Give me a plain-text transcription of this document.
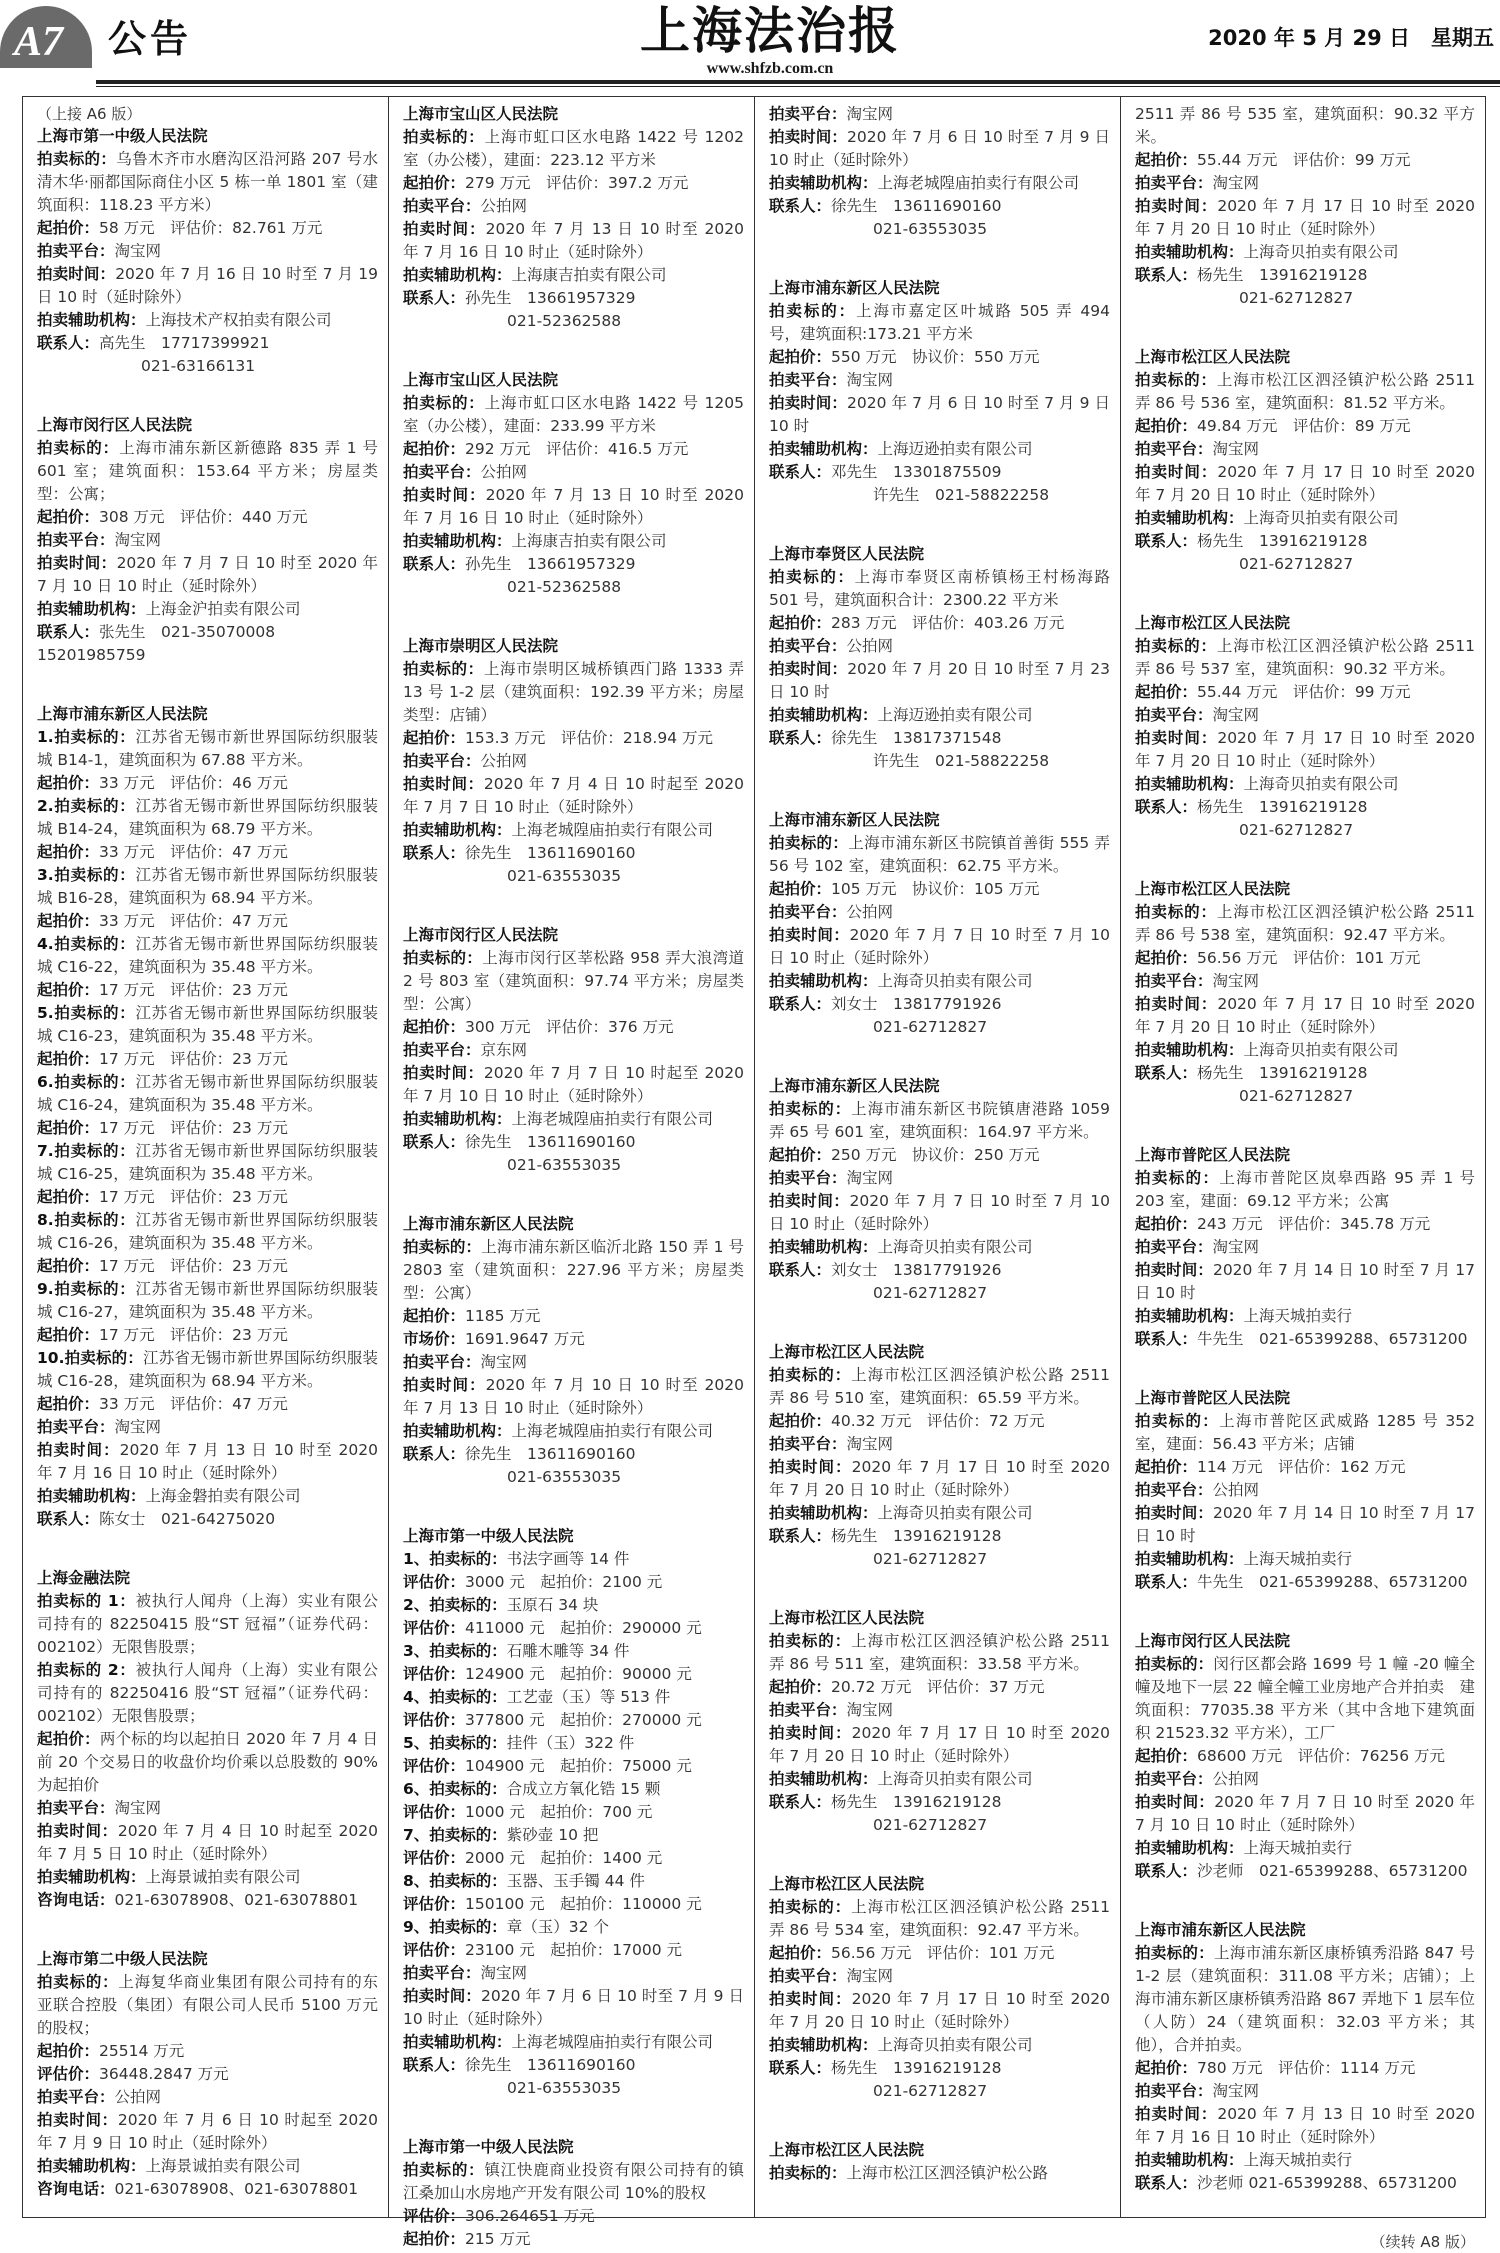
A7 公告	上海法治报
www.shfzb.com.cn
2020 年 5 月 29 日　星期五
（上接 A6 版）
上海市第一中级人民法院
拍卖标的：乌鲁木齐市水磨沟区沿河路 207 号水清木华·丽都国际商住小区 5 栋一单 1801 室（建筑面积：118.23 平方米）
起拍价：58 万元　评估价：82.761 万元
拍卖平台：淘宝网
拍卖时间：2020 年 7 月 16 日 10 时至 7 月 19 日 10 时（延时除外）
拍卖辅助机构：上海技术产权拍卖有限公司
联系人：高先生　17717399921
021-63166131
上海市闵行区人民法院
拍卖标的：上海市浦东新区新德路 835 弄 1 号 601 室；建筑面积：153.64 平方米；房屋类型：公寓；
起拍价：308 万元　评估价：440 万元
拍卖平台：淘宝网
拍卖时间：2020 年 7 月 7 日 10 时至 2020 年 7 月 10 日 10 时止（延时除外）
拍卖辅助机构：上海金沪拍卖有限公司
联系人：张先生　021-35070008
15201985759
上海市浦东新区人民法院
1.拍卖标的：江苏省无锡市新世界国际纺织服装城 B14-1，建筑面积为 67.88 平方米。
起拍价：33 万元　评估价：46 万元
2.拍卖标的：江苏省无锡市新世界国际纺织服装城 B14-24，建筑面积为 68.79 平方米。
起拍价：33 万元　评估价：47 万元
3.拍卖标的：江苏省无锡市新世界国际纺织服装城 B16-28，建筑面积为 68.94 平方米。
起拍价：33 万元　评估价：47 万元
4.拍卖标的：江苏省无锡市新世界国际纺织服装城 C16-22，建筑面积为 35.48 平方米。
起拍价：17 万元　评估价：23 万元
5.拍卖标的：江苏省无锡市新世界国际纺织服装城 C16-23，建筑面积为 35.48 平方米。
起拍价：17 万元　评估价：23 万元
6.拍卖标的：江苏省无锡市新世界国际纺织服装城 C16-24，建筑面积为 35.48 平方米。
起拍价：17 万元　评估价：23 万元
7.拍卖标的：江苏省无锡市新世界国际纺织服装城 C16-25，建筑面积为 35.48 平方米。
起拍价：17 万元　评估价：23 万元
8.拍卖标的：江苏省无锡市新世界国际纺织服装城 C16-26，建筑面积为 35.48 平方米。
起拍价：17 万元　评估价：23 万元
9.拍卖标的：江苏省无锡市新世界国际纺织服装城 C16-27，建筑面积为 35.48 平方米。
起拍价：17 万元　评估价：23 万元
10.拍卖标的：江苏省无锡市新世界国际纺织服装城 C16-28，建筑面积为 68.94 平方米。
起拍价：33 万元　评估价：47 万元
拍卖平台：淘宝网
拍卖时间：2020 年 7 月 13 日 10 时至 2020 年 7 月 16 日 10 时止（延时除外）
拍卖辅助机构：上海金磐拍卖有限公司
联系人：陈女士　021-64275020
上海金融法院
拍卖标的 1：被执行人闻舟（上海）实业有限公司持有的 82250415 股“ST 冠福”（证券代码：002102）无限售股票；
拍卖标的 2：被执行人闻舟（上海）实业有限公司持有的 82250416 股“ST 冠福”（证券代码：002102）无限售股票；
起拍价：两个标的均以起拍日 2020 年 7 月 4 日前 20 个交易日的收盘价均价乘以总股数的 90%为起拍价
拍卖平台：淘宝网
拍卖时间：2020 年 7 月 4 日 10 时起至 2020 年 7 月 5 日 10 时止（延时除外）
拍卖辅助机构：上海景诚拍卖有限公司
咨询电话：021-63078908、021-63078801
上海市第二中级人民法院
拍卖标的：上海复华商业集团有限公司持有的东亚联合控股（集团）有限公司人民币 5100 万元的股权；
起拍价：25514 万元
评估价：36448.2847 万元
拍卖平台：公拍网
拍卖时间：2020 年 7 月 6 日 10 时起至 2020 年 7 月 9 日 10 时止（延时除外）
拍卖辅助机构：上海景诚拍卖有限公司
咨询电话：021-63078908、021-63078801
上海市宝山区人民法院
拍卖标的：上海市虹口区水电路 1422 号 1202 室（办公楼），建面：223.12 平方米
起拍价：279 万元　评估价：397.2 万元
拍卖平台：公拍网
拍卖时间：2020 年 7 月 13 日 10 时至 2020 年 7 月 16 日 10 时止（延时除外）
拍卖辅助机构：上海康吉拍卖有限公司
联系人：孙先生　13661957329
021-52362588
上海市宝山区人民法院
拍卖标的：上海市虹口区水电路 1422 号 1205 室（办公楼），建面：233.99 平方米
起拍价：292 万元　评估价：416.5 万元
拍卖平台：公拍网
拍卖时间：2020 年 7 月 13 日 10 时至 2020 年 7 月 16 日 10 时止（延时除外）
拍卖辅助机构：上海康吉拍卖有限公司
联系人：孙先生　13661957329
021-52362588
上海市崇明区人民法院
拍卖标的：上海市崇明区城桥镇西门路 1333 弄 13 号 1-2 层（建筑面积：192.39 平方米；房屋类型：店铺）
起拍价：153.3 万元　评估价：218.94 万元
拍卖平台：公拍网
拍卖时间：2020 年 7 月 4 日 10 时起至 2020 年 7 月 7 日 10 时止（延时除外）
拍卖辅助机构：上海老城隍庙拍卖行有限公司
联系人：徐先生　13611690160
021-63553035
上海市闵行区人民法院
拍卖标的：上海市闵行区莘松路 958 弄大浪湾道 2 号 803 室（建筑面积：97.74 平方米；房屋类型：公寓）
起拍价：300 万元　评估价：376 万元
拍卖平台：京东网
拍卖时间：2020 年 7 月 7 日 10 时起至 2020 年 7 月 10 日 10 时止（延时除外）
拍卖辅助机构：上海老城隍庙拍卖行有限公司
联系人：徐先生　13611690160
021-63553035
上海市浦东新区人民法院
拍卖标的：上海市浦东新区临沂北路 150 弄 1 号 2803 室（建筑面积：227.96 平方米；房屋类型：公寓）
起拍价：1185 万元
市场价：1691.9647 万元
拍卖平台：淘宝网
拍卖时间：2020 年 7 月 10 日 10 时至 2020 年 7 月 13 日 10 时止（延时除外）
拍卖辅助机构：上海老城隍庙拍卖行有限公司
联系人：徐先生　13611690160
021-63553035
上海市第一中级人民法院
1、拍卖标的：书法字画等 14 件
评估价：3000 元　起拍价：2100 元
2、拍卖标的：玉原石 34 块
评估价：411000 元　起拍价：290000 元
3、拍卖标的：石雕木雕等 34 件
评估价：124900 元　起拍价：90000 元
4、拍卖标的：工艺壶（玉）等 513 件
评估价：377800 元　起拍价：270000 元
5、拍卖标的：挂件（玉）322 件
评估价：104900 元　起拍价：75000 元
6、拍卖标的：合成立方氧化锆 15 颗
评估价：1000 元　起拍价：700 元
7、拍卖标的：紫砂壶 10 把
评估价：2000 元　起拍价：1400 元
8、拍卖标的：玉器、玉手镯 44 件
评估价：150100 元　起拍价：110000 元
9、拍卖标的：章（玉）32 个
评估价：23100 元　起拍价：17000 元
拍卖平台：淘宝网
拍卖时间：2020 年 7 月 6 日 10 时至 7 月 9 日 10 时止（延时除外）
拍卖辅助机构：上海老城隍庙拍卖行有限公司
联系人：徐先生　13611690160
021-63553035
上海市第一中级人民法院
拍卖标的：镇江快鹿商业投资有限公司持有的镇江桑加山水房地产开发有限公司 10%的股权
评估价：306.264651 万元
起拍价：215 万元
拍卖平台：淘宝网
拍卖时间：2020 年 7 月 6 日 10 时至 7 月 9 日 10 时止（延时除外）
拍卖辅助机构：上海老城隍庙拍卖行有限公司
联系人：徐先生　13611690160
021-63553035
上海市浦东新区人民法院
拍卖标的：上海市嘉定区叶城路 505 弄 494 号，建筑面积:173.21 平方米
起拍价：550 万元　协议价：550 万元
拍卖平台：淘宝网
拍卖时间：2020 年 7 月 6 日 10 时至 7 月 9 日 10 时
拍卖辅助机构：上海迈逊拍卖有限公司
联系人：邓先生　13301875509
许先生　021-58822258
上海市奉贤区人民法院
拍卖标的：上海市奉贤区南桥镇杨王村杨海路 501 号，建筑面积合计：2300.22 平方米
起拍价：283 万元　评估价：403.26 万元
拍卖平台：公拍网
拍卖时间：2020 年 7 月 20 日 10 时至 7 月 23 日 10 时
拍卖辅助机构：上海迈逊拍卖有限公司
联系人：徐先生　13817371548
许先生　021-58822258
上海市浦东新区人民法院
拍卖标的：上海市浦东新区书院镇首善街 555 弄 56 号 102 室，建筑面积：62.75 平方米。
起拍价：105 万元　协议价：105 万元
拍卖平台：公拍网
拍卖时间：2020 年 7 月 7 日 10 时至 7 月 10 日 10 时止（延时除外）
拍卖辅助机构：上海奇贝拍卖有限公司
联系人：刘女士　13817791926
021-62712827
上海市浦东新区人民法院
拍卖标的：上海市浦东新区书院镇唐港路 1059 弄 65 号 601 室，建筑面积：164.97 平方米。
起拍价：250 万元　协议价：250 万元
拍卖平台：淘宝网
拍卖时间：2020 年 7 月 7 日 10 时至 7 月 10 日 10 时止（延时除外）
拍卖辅助机构：上海奇贝拍卖有限公司
联系人：刘女士　13817791926
021-62712827
上海市松江区人民法院
拍卖标的：上海市松江区泗泾镇沪松公路 2511 弄 86 号 510 室，建筑面积：65.59 平方米。
起拍价：40.32 万元　评估价：72 万元
拍卖平台：淘宝网
拍卖时间：2020 年 7 月 17 日 10 时至 2020 年 7 月 20 日 10 时止（延时除外）
拍卖辅助机构：上海奇贝拍卖有限公司
联系人：杨先生　13916219128
021-62712827
上海市松江区人民法院
拍卖标的：上海市松江区泗泾镇沪松公路 2511 弄 86 号 511 室，建筑面积：33.58 平方米。
起拍价：20.72 万元　评估价：37 万元
拍卖平台：淘宝网
拍卖时间：2020 年 7 月 17 日 10 时至 2020 年 7 月 20 日 10 时止（延时除外）
拍卖辅助机构：上海奇贝拍卖有限公司
联系人：杨先生　13916219128
021-62712827
上海市松江区人民法院
拍卖标的：上海市松江区泗泾镇沪松公路 2511 弄 86 号 534 室，建筑面积：92.47 平方米。
起拍价：56.56 万元　评估价：101 万元
拍卖平台：淘宝网
拍卖时间：2020 年 7 月 17 日 10 时至 2020 年 7 月 20 日 10 时止（延时除外）
拍卖辅助机构：上海奇贝拍卖有限公司
联系人：杨先生　13916219128
021-62712827
上海市松江区人民法院
拍卖标的：上海市松江区泗泾镇沪松公路
2511 弄 86 号 535 室，建筑面积：90.32 平方米。
起拍价：55.44 万元　评估价：99 万元
拍卖平台：淘宝网
拍卖时间：2020 年 7 月 17 日 10 时至 2020 年 7 月 20 日 10 时止（延时除外）
拍卖辅助机构：上海奇贝拍卖有限公司
联系人：杨先生　13916219128
021-62712827
上海市松江区人民法院
拍卖标的：上海市松江区泗泾镇沪松公路 2511 弄 86 号 536 室，建筑面积：81.52 平方米。
起拍价：49.84 万元　评估价：89 万元
拍卖平台：淘宝网
拍卖时间：2020 年 7 月 17 日 10 时至 2020 年 7 月 20 日 10 时止（延时除外）
拍卖辅助机构：上海奇贝拍卖有限公司
联系人：杨先生　13916219128
021-62712827
上海市松江区人民法院
拍卖标的：上海市松江区泗泾镇沪松公路 2511 弄 86 号 537 室，建筑面积：90.32 平方米。
起拍价：55.44 万元　评估价：99 万元
拍卖平台：淘宝网
拍卖时间：2020 年 7 月 17 日 10 时至 2020 年 7 月 20 日 10 时止（延时除外）
拍卖辅助机构：上海奇贝拍卖有限公司
联系人：杨先生　13916219128
021-62712827
上海市松江区人民法院
拍卖标的：上海市松江区泗泾镇沪松公路 2511 弄 86 号 538 室，建筑面积：92.47 平方米。
起拍价：56.56 万元　评估价：101 万元
拍卖平台：淘宝网
拍卖时间：2020 年 7 月 17 日 10 时至 2020 年 7 月 20 日 10 时止（延时除外）
拍卖辅助机构：上海奇贝拍卖有限公司
联系人：杨先生　13916219128
021-62712827
上海市普陀区人民法院
拍卖标的：上海市普陀区岚皋西路 95 弄 1 号 203 室，建面：69.12 平方米；公寓
起拍价：243 万元　评估价：345.78 万元
拍卖平台：淘宝网
拍卖时间：2020 年 7 月 14 日 10 时至 7 月 17 日 10 时
拍卖辅助机构：上海天城拍卖行
联系人：牛先生　021-65399288、65731200
上海市普陀区人民法院
拍卖标的：上海市普陀区武威路 1285 号 352 室，建面：56.43 平方米；店铺
起拍价：114 万元　评估价：162 万元
拍卖平台：公拍网
拍卖时间：2020 年 7 月 14 日 10 时至 7 月 17 日 10 时
拍卖辅助机构：上海天城拍卖行
联系人：牛先生　021-65399288、65731200
上海市闵行区人民法院
拍卖标的：闵行区都会路 1699 号 1 幢 -20 幢全幢及地下一层 22 幢全幢工业房地产合并拍卖　建筑面积：77035.38 平方米（其中含地下建筑面积 21523.32 平方米），工厂
起拍价：68600 万元　评估价：76256 万元
拍卖平台：公拍网
拍卖时间：2020 年 7 月 7 日 10 时至 2020 年 7 月 10 日 10 时止（延时除外）
拍卖辅助机构：上海天城拍卖行
联系人：沙老师　021-65399288、65731200
上海市浦东新区人民法院
拍卖标的：上海市浦东新区康桥镇秀沿路 847 号 1-2 层（建筑面积：311.08 平方米；店铺）；上海市浦东新区康桥镇秀沿路 867 弄地下 1 层车位（人防）24（建筑面积：32.03 平方米；其他），合并拍卖。
起拍价：780 万元　评估价：1114 万元
拍卖平台：淘宝网
拍卖时间：2020 年 7 月 13 日 10 时至 2020 年 7 月 16 日 10 时止（延时除外）
拍卖辅助机构：上海天城拍卖行
联系人：沙老师 021-65399288、65731200
（续转 A8 版）
